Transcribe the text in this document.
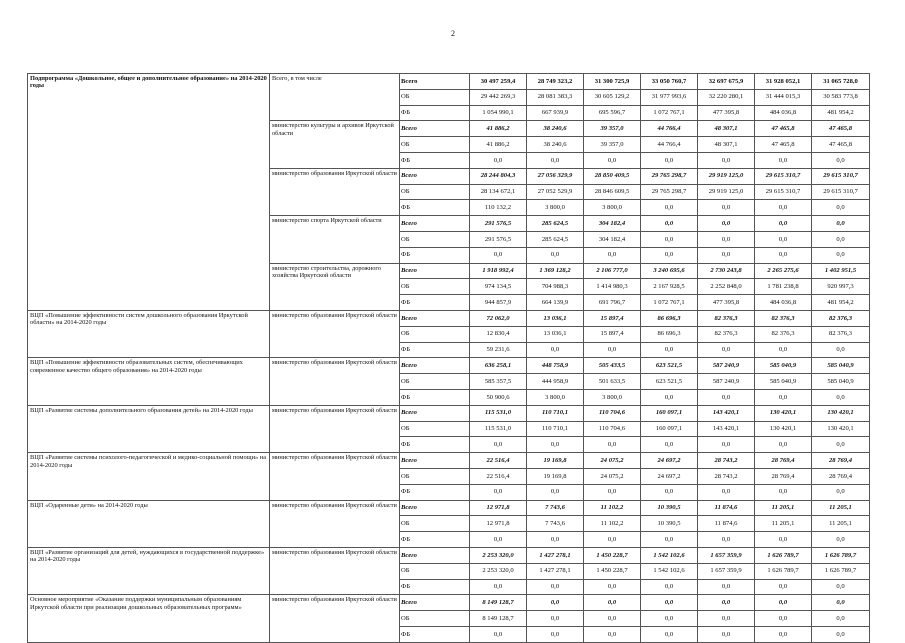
2
Подпрограмма «Дошкольное, общее и дополнительное образование» на 2014-2020 годы	Всего, в том числе	Всего	30 497 259,4	28 749 323,2	31 300 725,9	33 050 760,7	32 697 675,9	31 928 052,1	31 065 728,0
		ОБ	29 442 269,3	28 081 383,3	30 605 129,2	31 977 993,6	32 220 280,1	31 444 015,3	30 583 773,8
		ФБ	1 054 990,1	667 939,9	695 596,7	1 072 767,1	477 395,8	484 036,8	481 954,2
	министерство культуры и архивов Иркутской области	Всего	41 886,2	38 240,6	39 357,0	44 766,4	48 307,1	47 465,8	47 465,8
		ОБ	41 886,2	38 240,6	39 357,0	44 766,4	48 307,1	47 465,8	47 465,8
		ФБ	0,0	0,0	0,0	0,0	0,0	0,0	0,0
	министерство образования Иркутской области	Всего	28 244 804,3	27 056 329,9	28 850 409,5	29 765 298,7	29 919 125,0	29 615 310,7	29 615 310,7
		ОБ	28 134 672,1	27 052 529,9	28 846 609,5	29 765 298,7	29 919 125,0	29 615 310,7	29 615 310,7
		ФБ	110 132,2	3 800,0	3 800,0	0,0	0,0	0,0	0,0
	министерство спорта Иркутской области	Всего	291 576,5	285 624,5	304 182,4	0,0	0,0	0,0	0,0
		ОБ	291 576,5	285 624,5	304 182,4	0,0	0,0	0,0	0,0
		ФБ	0,0	0,0	0,0	0,0	0,0	0,0	0,0
	министерство строительства, дорожного хозяйства Иркутской области	Всего	1 918 992,4	1 369 128,2	2 106 777,0	3 240 695,6	2 730 243,8	2 265 275,6	1 402 951,5
		ОБ	974 134,5	704 988,3	1 414 980,3	2 167 928,5	2 252 848,0	1 781 238,8	920 997,3
		ФБ	944 857,9	664 139,9	691 796,7	1 072 767,1	477 395,8	484 036,8	481 954,2
ВЦП «Повышение эффективности систем дошкольного образования Иркутской области» на 2014-2020 годы	министерство образования Иркутской области	Всего	72 062,0	13 036,1	15 897,4	86 696,3	82 376,3	82 376,3	82 376,3
		ОБ	12 830,4	13 036,1	15 897,4	86 696,3	82 376,3	82 376,3	82 376,3
		ФБ	59 231,6	0,0	0,0	0,0	0,0	0,0	0,0
ВЦП «Повышение эффективности образовательных систем, обеспечивающих современное качество общего образования» на 2014-2020 годы	министерство образования Иркутской области	Всего	636 258,1	448 758,9	505 433,5	623 521,5	587 240,9	585 040,9	585 040,9
		ОБ	585 357,5	444 958,9	501 633,5	623 521,5	587 240,9	585 040,9	585 040,9
		ФБ	50 900,6	3 800,0	3 800,0	0,0	0,0	0,0	0,0
ВЦП «Развитие системы дополнительного образования детей» на 2014-2020 годы	министерство образования Иркутской области	Всего	115 531,0	110 710,1	110 704,6	160 097,1	143 420,1	130 420,1	130 420,1
		ОБ	115 531,0	110 710,1	110 704,6	160 097,1	143 420,1	130 420,1	130 420,1
		ФБ	0,0	0,0	0,0	0,0	0,0	0,0	0,0
ВЦП «Развитие системы психолого-педагогической и медико-социальной помощи» на 2014-2020 годы	министерство образования Иркутской области	Всего	22 516,4	19 169,8	24 075,2	24 697,2	28 743,2	28 769,4	28 769,4
		ОБ	22 516,4	19 169,8	24 075,2	24 697,2	28 743,2	28 769,4	28 769,4
		ФБ	0,0	0,0	0,0	0,0	0,0	0,0	0,0
ВЦП «Одаренные дети» на 2014-2020 годы	министерство образования Иркутской области	Всего	12 971,8	7 743,6	11 102,2	10 390,5	11 874,6	11 205,1	11 205,1
		ОБ	12 971,8	7 743,6	11 102,2	10 390,5	11 874,6	11 205,1	11 205,1
		ФБ	0,0	0,0	0,0	0,0	0,0	0,0	0,0
ВЦП «Развитие организаций для детей, нуждающихся в государственной поддержке» на 2014-2020 годы	министерство образования Иркутской области	Всего	2 253 320,0	1 427 278,1	1 450 228,7	1 542 102,6	1 657 359,9	1 626 789,7	1 626 789,7
		ОБ	2 253 320,0	1 427 278,1	1 450 228,7	1 542 102,6	1 657 359,9	1 626 789,7	1 626 789,7
		ФБ	0,0	0,0	0,0	0,0	0,0	0,0	0,0
Основное мероприятие «Оказание поддержки муниципальным образованиям Иркутской области при реализации дошкольных образовательных программ»	министерство образования Иркутской области	Всего	8 149 128,7	0,0	0,0	0,0	0,0	0,0	0,0
		ОБ	8 149 128,7	0,0	0,0	0,0	0,0	0,0	0,0
		ФБ	0,0	0,0	0,0	0,0	0,0	0,0	0,0
